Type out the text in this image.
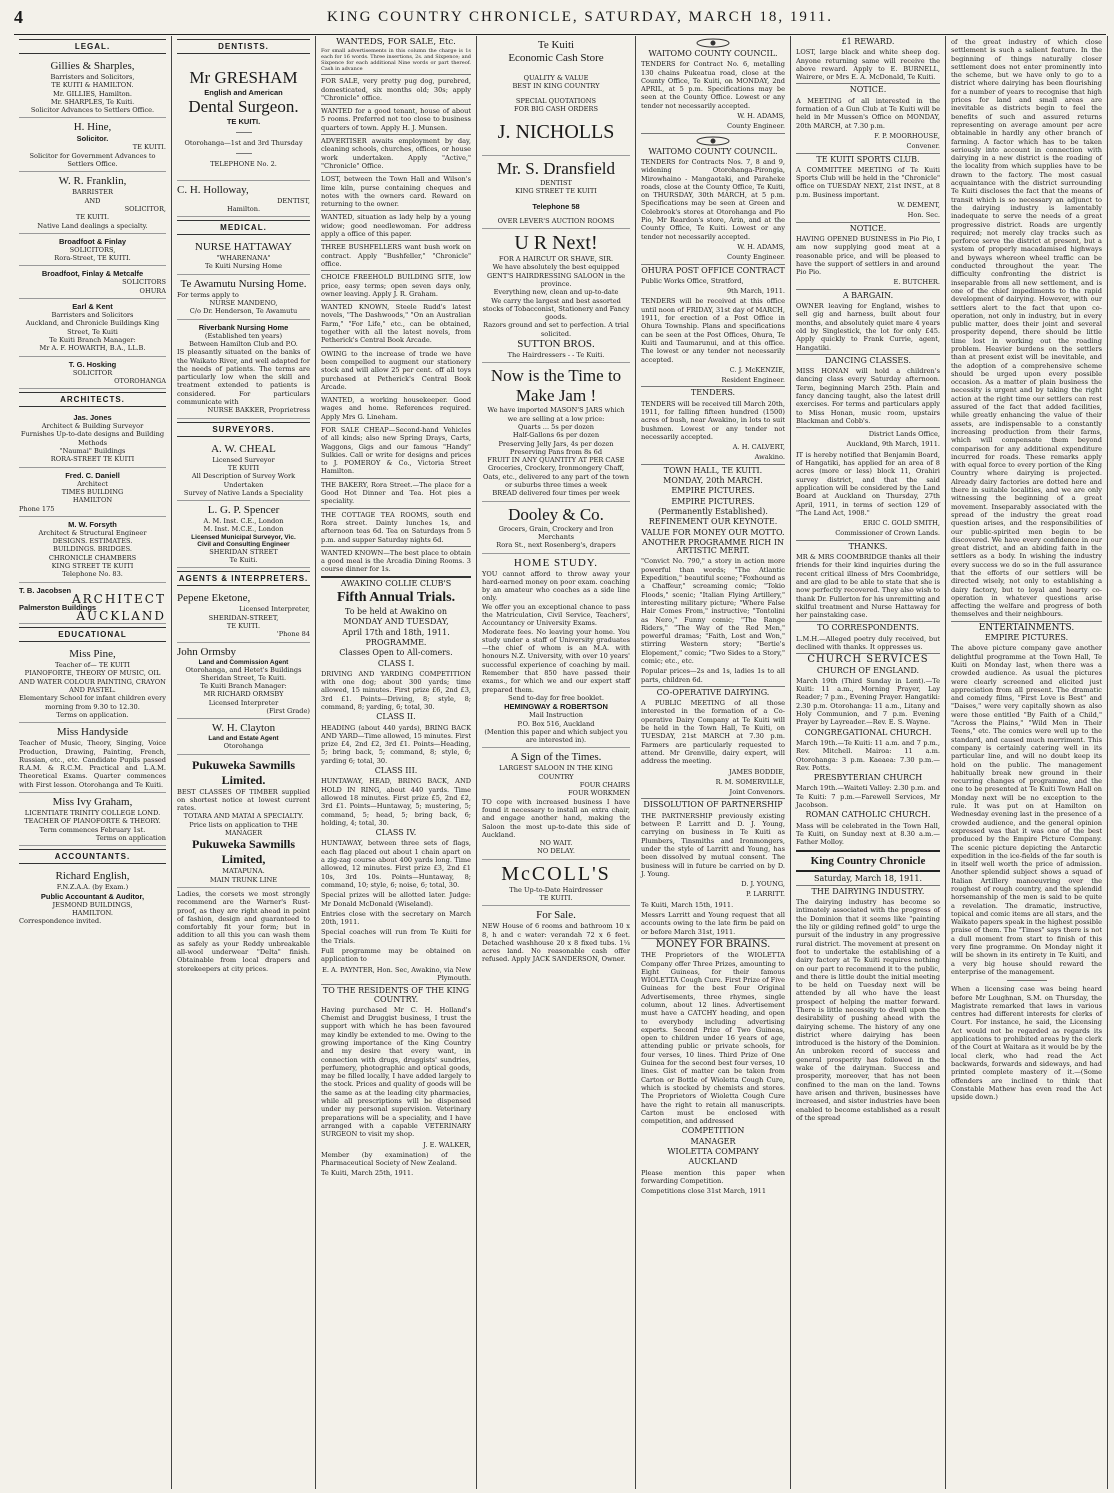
4	KING COUNTRY CHRONICLE, SATURDAY, MARCH 18, 1911.
LEGAL.
Gillies & Sharples,
Barristers and Solicitors,
TE KUITI & HAMILTON.
Mr. GILLIES, Hamilton.
Mr. SHARPLES, Te Kuiti.
Solicitor Advances to Settlers Office.
H. Hine,
Solicitor.
TE KUITI.
Solicitor for Government Advances to Settlers Office.
W. R. Franklin,
BARRISTER
AND
SOLICITOR,
TE KUITI.
Native Land dealings a specialty.
Broadfoot & Finlay
SOLICITORS,
Rora-Street, TE KUITI.
Broadfoot, Finlay & Metcalfe
SOLICITORS
OHURA
Earl & Kent
Barristers and Solicitors
Auckland, and Chronicle Buildings King Street, Te Kuiti
Te Kuiti Branch Manager:
Mr A. F. HOWARTH, B.A., LL.B.
T. G. Hosking
SOLICITOR
OTOROHANGA
ARCHITECTS.
Jas. Jones
Architect & Building Surveyor
Furnishes Up-to-date designs and Building Methods
"Naumai" Buildings
RORA-STREET TE KUITI
Fred. C. Daniell
Architect
TIMES BUILDING
HAMILTON
Phone 175
M. W. Forsyth
Architect & Structural Engineer
DESIGNS. ESTIMATES.
BUILDINGS. BRIDGES.
CHRONICLE CHAMBERS
KING STREET TE KUITI
Telephone No. 83.
T. B. Jacobsen
ARCHITECT
Palmerston Buildings
AUCKLAND
EDUCATIONAL
Miss Pine,
Teacher of— TE KUITI
PIANOFORTE, THEORY OF MUSIC, OIL AND WATER COLOUR PAINTING, CRAYON AND PASTEL.
Elementary School for infant children every morning from 9.30 to 12.30.
Terms on application.
Miss Handyside
Teacher of Music, Theory, Singing, Voice Production, Drawing, Painting, French, Russian, etc., etc. Candidate Pupils passed R.A.M. & R.C.M. Practical and L.A.M. Theoretical Exams. Quarter commences with First lesson. Otorohanga and Te Kuiti.
Miss Ivy Graham,
LICENTIATE TRINITY COLLEGE LOND.
TEACHER OF PIANOFORTE & THEORY.
Term commences February 1st.
Terms on application
ACCOUNTANTS.
Richard English,
F.N.Z.A.A. (by Exam.)
Public Accountant & Auditor,
JESMOND BUILDINGS,
HAMILTON.
Correspondence invited.
DENTISTS.
Mr GRESHAM
English and American
Dental Surgeon.
TE KUITI.
Otorohanga—1st and 3rd Thursday
TELEPHONE No. 2.
C. H. Holloway,
DENTIST,
Hamilton.
MEDICAL.
NURSE HATTAWAY
"WHARENANA"
Te Kuiti Nursing Home
Te Awamutu Nursing Home.
For terms apply to
NURSE MANDENO,
C/o Dr. Henderson, Te Awamutu
Riverbank Nursing Home
(Established ten years)
Between Hamilton Club and P.O.
IS pleasantly situated on the banks of the Waikato River, and well adapted for the needs of patients. The terms are particularly low when the skill and treatment extended to patients is considered. For particulars communicate with
NURSE BAKKER, Proprietress
SURVEYORS.
A. W. CHEAL
Licensed Surveyor
TE KUITI
All Description of Survey Work Undertaken
Survey of Native Lands a Speciality
L. G. P. Spencer
A. M. Inst. C.E., London
M. Inst. M.C.E., London
Licensed Municipal Surveyor, Vic.
Civil and Consulting Engineer
SHERIDAN STREET
Te Kuiti.
AGENTS & INTERPRETERS.
Pepene Eketone,
Licensed Interpreter,
SHERIDAN-STREET,
TE KUITI.
'Phone 84
John Ormsby
Land and Commission Agent
Otorohanga, and Hetet's Buildings Sheridan Street, Te Kuiti.
Te Kuiti Branch Manager:
MR RICHARD ORMSBY
Licensed Interpreter
(First Grade)
W. H. Clayton
Land and Estate Agent
Otorohanga
Pukuweka Sawmills Limited.
BEST CLASSES OF TIMBER supplied on shortest notice at lowest current rates.
TOTARA AND MATAI A SPECIALTY.
Price lists on application to THE MANAGER
Pukuweka Sawmills Limited,
MATAPUNA.
MAIN TRUNK LINE

Ladies, the corsets we most strongly recommend are the Warner's Rust-proof, as they are right ahead in point of fashion, design and guaranteed to comfortably fit your form; but in addition to all this you can wash them as safely as your Reddy unbreakable all-wool underwear "Delta" finish. Obtainable from local drapers and storekeepers at city prices.

WANTEDS, FOR SALE, Etc.

For small advertisements in this column the charge is 1s each for 16 words. Three insertions, 2s. and Sixpence; and Sixpence for each additional Nine words or part thereof. Cash in advance

FOR SALE, very pretty pug dog, purebred, domesticated, six months old; 30s; apply "Chronicle" office.

WANTED for a good tenant, house of about 5 rooms. Preferred not too close to business quarters of town. Apply H. J. Munsen.

ADVERTISER awaits employment by day, cleaning schools, churches, offices, or house work undertaken. Apply "Active," "Chronicle" Office.

LOST, between the Town Hall and Wilson's lime kiln, purse containing cheques and notes with the owners card. Reward on returning to the owner.

WANTED, situation as lady help by a young widow; good needlewoman. For address apply a office of this paper.

THREE BUSHFELLERS want bush work on contract. Apply "Bushfeller," "Chronicle" office.

CHOICE FREEHOLD BUILDING SITE, low price, easy terms; open seven days only, owner leaving. Apply J. R. Graham.

WANTED KNOWN, Steele Rudd's latest novels, "The Dashwoods," "On an Australian Farm," "For Life," etc., can be obtained, together with all the latest novels, from Petherick's Central Book Arcade.

OWING to the increase of trade we have been compelled to augment our stationery stock and will allow 25 per cent. off all toys purchased at Petherick's Central Book Arcade.

WANTED, a working housekeeper. Good wages and home. References required. Apply Mrs G. Lineham.

FOR SALE CHEAP—Second-hand Vehicles of all kinds; also new Spring Drays, Carts, Waggons, Gigs and our famous "Handy" Sulkies. Call or write for designs and prices to J. POMEROY & Co., Victoria Street Hamilton.

THE BAKERY, Rora Street.—The place for a Good Hot Dinner and Tea. Hot pies a speciality.

THE COTTAGE TEA ROOMS, south end Rora street. Dainty lunches 1s, and afternoon teas 6d. Tea on Saturdays from 5 p.m. and supper Saturday nights 6d.

WANTED KNOWN—The best place to obtain a good meal is the Arcadia Dining Rooms. 3 course dinner for 1s.

AWAKINO COLLIE CLUB'S
Fifth Annual Trials.
To be held at Awakino on
MONDAY AND TUESDAY,
April 17th and 18th, 1911.
PROGRAMME.
Classes Open to All-comers.
CLASS I.

DRIVING AND YARDING COMPETITION with one dog; about 300 yards; time allowed, 15 minutes. First prize £6, 2nd £3, 3rd £1. Points—Driving, 8; style, 8; command, 8; yarding, 6; total, 30.

CLASS II.

HEADING (about 440 yards), BRING BACK AND YARD—Time allowed, 15 minutes. First prize £4, 2nd £2, 3rd £1. Points—Heading, 5; bring back, 5; command, 8; style, 6; yarding 6; total, 30.

CLASS III.

HUNTAWAY, HEAD, BRING BACK, AND HOLD IN RING, about 440 yards. Time allowed 18 minutes. First prize £5, 2nd £2, 3rd £1. Points—Huntaway, 5; mustering, 5; command, 5; head, 5; bring back, 6; holding, 4; total, 30.

CLASS IV.

HUNTAWAY, between three sets of flags, each flag placed out about 1 chain apart on a zig-zag course about 400 yards long. Time allowed, 12 minutes. First prize £3, 2nd £1 10s, 3rd 10s. Points—Huntaway, 8; command, 10; style, 6; noise, 6; total, 30.

Special prizes will be allotted later. Judge: Mr Donald McDonald (Wiseland).

Entries close with the secretary on March 20th, 1911.

Special coaches will run from Te Kuiti for the Trials.

Full programme may be obtained on application to

E. A. PAYNTER, Hon. Sec, Awakino, via New Plymouth.

TO THE RESIDENTS OF THE KING COUNTRY.

Having purchased Mr C. H. Holland's Chemist and Druggist business, I trust the support with which he has been favoured may kindly be extended to me. Owing to the growing importance of the King Country and my desire that every want, in connection with drugs, druggists' sundries, perfumery, photographic and optical goods, may be filled locally, I have added largely to the stock. Prices and quality of goods will be the same as at the leading city pharmacies, while all prescriptions will be dispensed under my personal supervision. Veterinary preparations will be a speciality, and I have arranged with a capable VETERINARY SURGEON to visit my shop.

J. E. WALKER,

Member (by examination) of the Pharmaceutical Society of New Zealand.

Te Kuiti, March 25th, 1911.

Te Kuiti
Economic Cash Store
QUALITY & VALUE
BEST IN KING COUNTRY
SPECIAL QUOTATIONS
FOR BIG CASH ORDERS
J. NICHOLLS
Mr. S. Dransfield
DENTIST
KING STREET TE KUITI
Telephone 58
OVER LEVER'S AUCTION ROOMS
U R Next!
FOR A HAIRCUT OR SHAVE, SIR.
We have absolutely the best equipped GENT'S HAIRDRESSING SALOON in the province.
Everything new, clean and up-to-date
We carry the largest and best assorted stocks of Tobacconist, Stationery and Fancy goods.
Razors ground and set to perfection. A trial solicited.
SUTTON BROS.
The Hairdressers - - Te Kuiti.
Now is the Time to Make Jam !
We have imported MASON'S JARS which we are selling at a low price:
Quarts ... 5s per dozen
Half-Gallons 6s per dozen
Preserving Jelly Jars, 4s per dozen
Preserving Pans from 8s 6d
FRUIT IN ANY QUANTITY AT PER CASE
Groceries, Crockery, Ironmongery Chaff, Oats, etc., delivered to any part of the town or suburbs three times a week
BREAD delivered four times per week
Dooley & Co.
Grocers, Grain, Crockery and Iron Merchants
Rora St., next Rosenberg's, drapers
HOME STUDY.
YOU cannot afford to throw away your hard-earned money on poor exam. coaching by an amateur who coaches as a side line only.
We offer you an exceptional chance to pass the Matriculation, Civil Service, Teachers', Accountancy or University Exams.
Moderate fees. No leaving your home. You study under a staff of University graduates—the chief of whom is an M.A. with honours N.Z. University, with over 10 years' successful experience of coaching by mail. Remember that 850 have passed their exams., for which we and our expert staff prepared them.
Send to-day for free booklet.
HEMINGWAY & ROBERTSON
Mail Instruction
P.O. Box 516, Auckland
(Mention this paper and which subject you are interested in).
A Sign of the Times.
LARGEST SALOON IN THE KING COUNTRY
FOUR CHAIRS
FOUR WORKMEN
TO cope with increased business I have found it necessary to install an extra chair, and engage another hand, making the Saloon the most up-to-date this side of Auckland.
NO WAIT.
NO DELAY.
McCOLL'S
The Up-to-Date Hairdresser
TE KUITI.
For Sale.
NEW House of 6 rooms and bathroom 10 x 8, h and c water: verandah 72 x 6 feet. Detached washhouse 20 x 8 fixed tubs. 1¼ acres land. No reasonable cash offer refused. Apply JACK SANDERSON, Owner.
WAITOMO COUNTY COUNCIL.

TENDERS for Contract No. 6, metalling 130 chains Pukeatua road, close at the County Office, Te Kuiti, on MONDAY, 2nd APRIL, at 5 p.m. Specifications may be seen at the County Office. Lowest or any tender not necessarily accepted.

W. H. ADAMS,

County Engineer.

WAITOMO COUNTY COUNCIL.

TENDERS for Contracts Nos. 7, 8 and 9, widening Otorohanga-Pirongia, Mirowhaino - Mangaotaki, and Paraheke roads, close at the County Office, Te Kuiti, on THURSDAY, 30th MARCH, at 5 p.m. Specifications may be seen at Green and Colebrook's stores at Otorohanga and Pio Pio, Mr Reardon's store, Arin, and at the County Office, Te Kuiti. Lowest or any tender not necessarily accepted.

W. H. ADAMS,

County Engineer.

OHURA POST OFFICE CONTRACT

Public Works Office, Stratford,

9th March, 1911.

TENDERS will be received at this office until noon of FRIDAY, 31st day of MARCH, 1911, for erection of a Post Office in Ohura Township. Plans and specifications can be seen at the Post Offices, Ohura, Te Kuiti and Taumarunui, and at this office. The lowest or any tender not necessarily accepted.

C. J. McKENZIE,

Resident Engineer.

TENDERS.

TENDERS will be received till March 20th, 1911, for falling fifteen hundred (1500) acres of bush, near Awakino, in lots to suit bushmen. Lowest or any tender not necessarily accepted.

A. H. CALVERT,

Awakino.

TOWN HALL, TE KUITI.
MONDAY, 20th MARCH.
EMPIRE PICTURES.
EMPIRE PICTURES.
(Permanently Established).
REFINEMENT OUR KEYNOTE.
VALUE FOR MONEY OUR MOTTO.
ANOTHER PROGRAMME RICH IN ARTISTIC MERIT.

"Convict No. 790," a story in action more powerful than words; "The Atlantic Expedition," beautiful scene; "Foxhound as a Chaffeur," screaming comic; "Tokio Floods," scenic; "Italian Flying Artillery," interesting military picture; "Where False Hair Comes From," instructive; "Tontolini as Nero," Funny comic; "The Range Riders," "The Way of the Red Men," powerful dramas; "Faith, Lost and Won," stirring Western story; "Bertie's Elopement," comic; "Two Sides to a Story," comic; etc., etc.

Popular prices—2s and 1s, ladies 1s to all parts, children 6d.

CO-OPERATIVE DAIRYING.

A PUBLIC MEETING of all those interested in the formation of a Co-operative Dairy Company at Te Kuiti will be held in the Town Hall, Te Kuiti, on TUESDAY, 21st MARCH at 7.30 p.m. Farmers are particularly requested to attend. Mr Grenville, dairy expert, will address the meeting.

JAMES BODDIE,

R. M. SOMERVILLE,

Joint Convenors.

DISSOLUTION OF PARTNERSHIP

THE PARTNERSHIP previously existing between P. Larritt and D. J. Young, carrying on business in Te Kuiti as Plumbers, Tinsmiths and Ironmongers, under the style of Larritt and Young, has been dissolved by mutual consent. The business will in future be carried on by D. J. Young.

D. J. YOUNG,

P. LARRITT.

Te Kuiti, March 15th, 1911.

Messrs Larritt and Young request that all accounts owing to the late firm be paid on or before March 31st, 1911.

MONEY FOR BRAINS.

THE Proprietors of the WIOLETTA Company offer Three Prizes, amounting to Eight Guineas, for their famous WIOLETTA Cough Cure. First Prize of Five Guineas for the best Four Original Advertisements, three rhymes, single column, about 12 lines. Advertisement must have a CATCHY heading, and open to everybody including advertising experts. Second Prize of Two Guineas, open to children under 16 years of age, attending public or private schools, for four verses, 10 lines. Third Prize of One Guinea for the second best four verses, 10 lines. Gist of matter can be taken from Carton or Bottle of Wioletta Cough Cure, which is stocked by chemists and stores. The Proprietors of Wioletta Cough Cure have the right to retain all manuscripts. Carton must be enclosed with competition, and addressed

COMPETITION
MANAGER
WIOLETTA COMPANY
AUCKLAND

Please mention this paper when forwarding Competition.

Competitions close 31st March, 1911

£1 REWARD.

LOST, large black and white sheep dog. Anyone returning same will receive the above reward. Apply to E. BURNELL, Wairere, or Mrs E. A. McDonald, Te Kuiti.

NOTICE.

A MEETING of all interested in the formation of a Gun Club at Te Kuiti will be held in Mr Mussen's Office on MONDAY, 20th MARCH, at 7.30 p.m.

F. P. MOORHOUSE,

Convener.

TE KUITI SPORTS CLUB.

A COMMITTEE MEETING of Te Kuiti Sports Club will be held in the "Chronicle" office on TUESDAY NEXT, 21st INST., at 8 p.m. Business important.

W. DEMENT,

Hon. Sec.

NOTICE.

HAVING OPENED BUSINESS in Pio Pio, I am now supplying good meat at a reasonable price, and will be pleased to have the support of settlers in and around Pio Pio.

E. BUTCHER.

A BARGAIN.

OWNER leaving for England, wishes to sell gig and harness, built about four months, and absolutely quiet mare 4 years old by Singlestick, the lot for only £45. Apply quickly to Frank Currie, agent, Hangatiki.

DANCING CLASSES.

MISS HONAN will hold a children's dancing class every Saturday afternoon. Term, beginning March 25th. Plain and fancy dancing taught, also the latest drill exercises. For terms and particulars apply to Miss Honan, music room, upstairs Blackman and Cobb's.

District Lands Office,

Auckland, 9th March, 1911.

IT is hereby notified that Benjamin Board, of Hangatiki, has applied for an area of 8 acres (more or less) block 11, Orahiri survey district, and that the said application will be considered by the Land Board at Auckland on Thursday, 27th April, 1911, in terms of section 129 of "The Land Act, 1908."

ERIC C. GOLD SMITH,

Commissioner of Crown Lands.

THANKS.

MR & MRS COOMBRIDGE thanks all their friends for their kind inquiries during the recent critical illness of Mrs Coombridge, and are glad to be able to state that she is now perfectly recovered. They also wish to thank Dr. Fullerton for his unremitting and skilful treatment and Nurse Hattaway for her painstaking case.

TO CORRESPONDENTS.

L.M.H.—Alleged poetry duly received, but declined with thanks. It oppresses us.

CHURCH SERVICES
CHURCH OF ENGLAND.

March 19th (Third Sunday in Lent).—Te Kuiti: 11 a.m., Morning Prayer, Lay Reader; 7 p.m., Evening Prayer. Hangatiki: 2.30 p.m. Otorohanga: 11 a.m., Litany and Holy Communion, and 7 p.m. Evening Prayer by Layreader.—Rev. E. S. Wayne.

CONGREGATIONAL CHURCH.

March 19th.—Te Kuiti: 11 a.m. and 7 p.m., Rev. Mitchell. Mairoa: 11 a.m. Otorohanga: 3 p.m. Kaeaea: 7.30 p.m.—Rev. Potts.

PRESBYTERIAN CHURCH

March 19th.—Waiteti Valley: 2.30 p.m. and Te Kuiti: 7 p.m.—Farewell Services, Mr Jacobson.

ROMAN CATHOLIC CHURCH.

Mass will be celebrated in the Town Hall, Te Kuiti, on Sunday next at 8.30 a.m.—Father Molloy.

King Country Chronicle
Saturday, March 18, 1911.
THE DAIRYING INDUSTRY.

The dairying industry has become so intimately associated with the progress of the Dominion that it seems like "painting the lily or gilding refined gold" to urge the pursuit of the industry in any progressive rural district. The movement at present on foot to undertake the establishing of a dairy factory at Te Kuiti requires nothing on our part to recommend it to the public, and there is little doubt the initial meeting to be held on Tuesday next will be attended by all who have the least prospect of helping the matter forward. There is little necessity to dwell upon the desirability of pushing ahead with the dairying scheme. The history of any one district where dairying has been introduced is the history of the Dominion. An unbroken record of success and general prosperity has followed in the wake of the dairyman. Success and prosperity, moreover, that has not been confined to the man on the land. Towns have arisen and thriven, businesses have increased, and sister industries have been enabled to become established as a result of the spread

of the great industry of which close settlement is such a salient feature. In the beginning of things naturally closer settlement does not enter prominently into the scheme, but we have only to go to a district where dairying has been flourishing for a number of years to recognise that high prices for land and small areas are inevitable as districts begin to feel the benefits of such and assured returns representing on average amount per acre obtainable in hardly any other branch of farming. A factor which has to be taken seriously into account in connection with dairying in a new district is the roading of the locality from which supplies have to be drawn to the factory. The most casual acquaintance with the district surrounding Te Kuiti discloses the fact that the means of transit which is so necessary an adjunct to the dairying industry is lamentably inadequate to serve the needs of a great progressive district. Roads are urgently required; not merely clay tracks such as perforce serve the district at present, but a system of properly macadamised highways and byways whereon wheel traffic can be conducted throughout the year. The difficulty confronting the district is inseparable from all new settlement, and is one of the chief impediments to the rapid development of dairying. However, with our settlers alert to the fact that upon co-operation, not only in industry, but in every public matter, does their joint and several prosperity depend, there should be little time lost in working out the roading problem. Heavier burdens on the settlers than at present exist will be inevitable, and the adoption of a comprehensive scheme should be urged upon every possible occasion. As a matter of plain business the necessity is urgent and by taking the right action at the right time our settlers can rest assured of the fact that added facilities, while greatly enhancing the value of their assets, are indispensable to a constantly increasing production from their farms, which will compensate them beyond comparison for any additional expenditure incurred for roads. These remarks apply with equal force to every portion of the King Country where dairying is projected. Already dairy factories are dotted here and there in suitable localities, and we are only witnessing the beginning of a great movement. Inseparably associated with the spread of the industry the great road question arises, and the responsibilities of our public-spirited men begin to be discovered. We have every confidence in our great district, and an abiding faith in the settlers as a body. In wishing the industry every success we do so in the full assurance that the efforts of our settlers will be directed wisely, not only to establishing a dairy factory, but to loyal and hearty co-operation in whatever questions arise affecting the welfare and progress of both themselves and their neighbours.

ENTERTAINMENTS.
EMPIRE PICTURES.

The above picture company gave another delightful programme at the Town Hall, Te Kuiti on Monday last, when there was a crowded audience. As usual the pictures were clearly screened and elicited just appreciation from all present. The dramatic and comedy films, "First Love is Best" and "Daises," were very capitally shown as also were those entitled "By Faith of a Child," "Across the Plains," "Wild Men in Their Teens," etc. The comics were well up to the standard, and caused much merriment. This company is certainly catering well in its particular line, and will no doubt keep its hold on the public. The management habitually break new ground in their recurring changes of programme, and the one to be presented at Te Kuiti Town Hall on Monday next will be no exception to the rule. It was put on at Hamilton on Wednesday evening last in the presence of a crowded audience, and the general opinion expressed was that it was one of the best produced by the Empire Picture Company. The scenic picture depicting the Antarctic expedition in the ice-fields of the far south is in itself well worth the price of admission. Another splendid subject shows a squad of Italian Artillery manoeuvring over the roughest of rough country, and the splendid horsemanship of the men is said to be quite a revelation. The dramatic, instructive, topical and comic items are all stars, and the Waikato papers speak in the highest possible praise of them. The "Times" says there is not a dull moment from start to finish of this very fine programme. On Monday night it will be shown in its entirety in Te Kuiti, and a very big house should reward the enterprise of the management.

When a licensing case was being heard before Mr Loughnan, S.M. on Thursday, the Magistrate remarked that laws in various centres had different interests for clerks of Court. For instance, he said, the Licensing Act would not be regarded as regards its applications to prohibited areas by the clerk of the Court at Waitara as it would be by the local clerk, who had read the Act backwards, forwards and sideways, and had printed complete mastery of it.—(Some offenders are inclined to think that Constable Mathew has even read the Act upside down.)
